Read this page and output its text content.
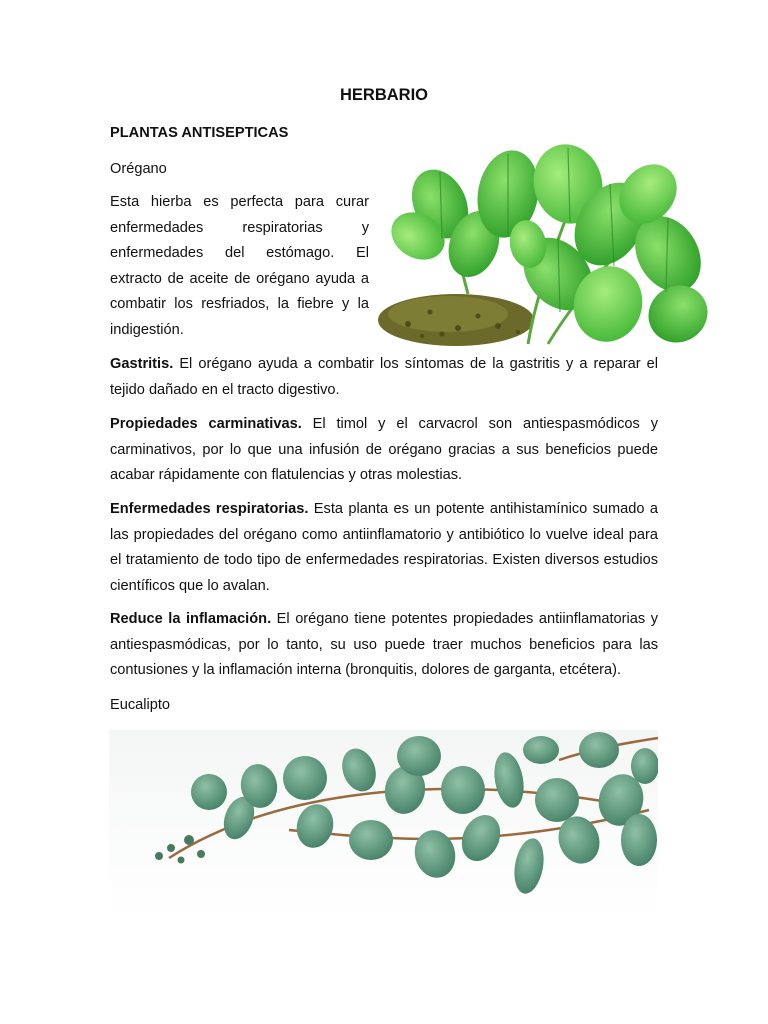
HERBARIO
PLANTAS ANTISEPTICAS
Orégano

Esta hierba es perfecta para curar enfermedades respiratorias y enfermedades del estómago. El extracto de aceite de orégano ayuda a combatir los resfriados, la fiebre y la indigestión.

Gastritis. El orégano ayuda a combatir los síntomas de la gastritis y a reparar el tejido dañado en el tracto digestivo.

Propiedades carminativas. El timol y el carvacrol son antiespasmódicos y carminativos, por lo que una infusión de orégano gracias a sus beneficios puede acabar rápidamente con flatulencias y otras molestias.

Enfermedades respiratorias. Esta planta es un potente antihistamínico sumado a las propiedades del orégano como antiinflamatorio y antibiótico lo vuelve ideal para el tratamiento de todo tipo de enfermedades respiratorias. Existen diversos estudios científicos que lo avalan.

Reduce la inflamación. El orégano tiene potentes propiedades antiinflamatorias y antiespasmódicas, por lo tanto, su uso puede traer muchos beneficios para las contusiones y la inflamación interna (bronquitis, dolores de garganta, etcétera).

Eucalipto
